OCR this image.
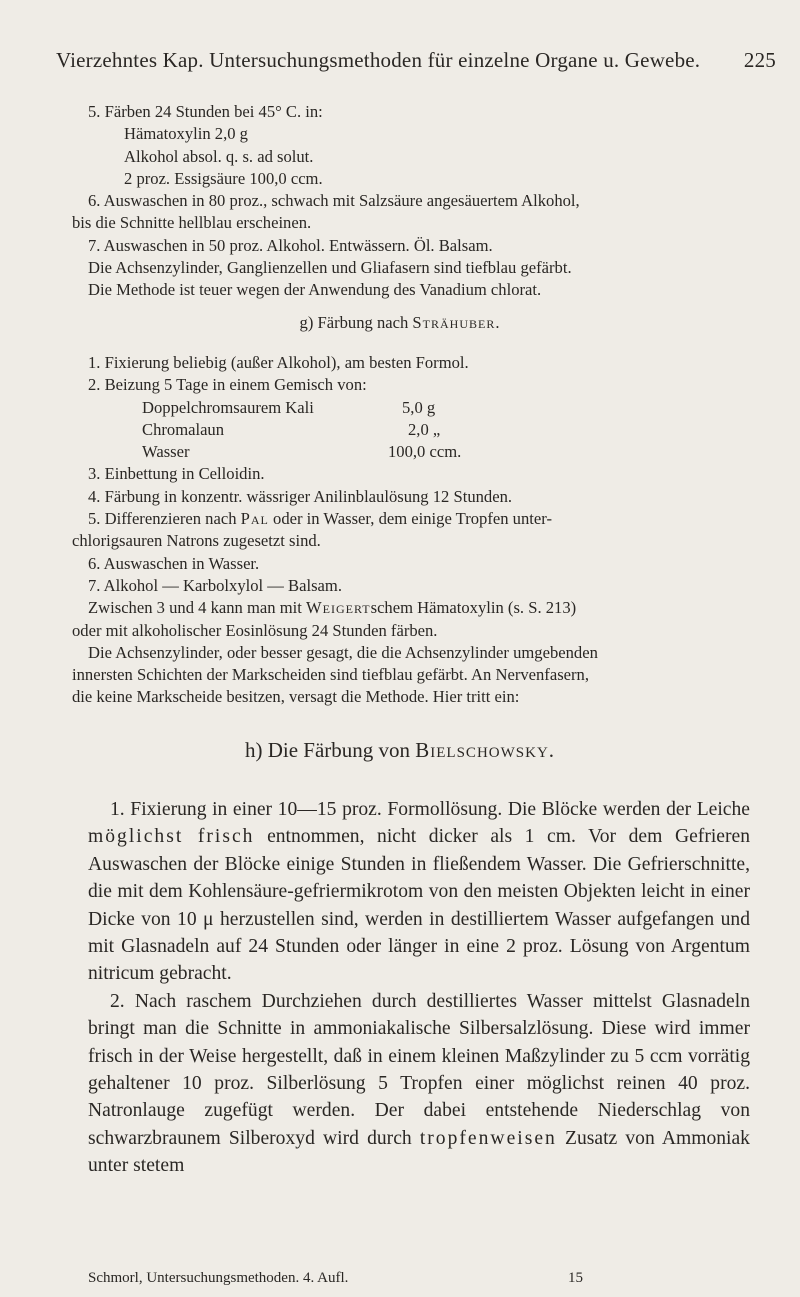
Vierzehntes Kap. Untersuchungsmethoden für einzelne Organe u. Gewebe. 225
5. Färben 24 Stunden bei 45° C. in:
Hämatoxylin 2,0 g
Alkohol absol. q. s. ad solut.
2 proz. Essigsäure 100,0 ccm.
6. Auswaschen in 80 proz., schwach mit Salzsäure angesäuertem Alkohol,
bis die Schnitte hellblau erscheinen.
7. Auswaschen in 50 proz. Alkohol. Entwässern. Öl. Balsam.
Die Achsenzylinder, Ganglienzellen und Gliafasern sind tiefblau gefärbt.
Die Methode ist teuer wegen der Anwendung des Vanadium chlorat.
g) Färbung nach Strähuber.
1. Fixierung beliebig (außer Alkohol), am besten Formol.
2. Beizung 5 Tage in einem Gemisch von:
Doppelchromsaurem Kali	5,0 g
Chromalaun	2,0 „
Wasser	100,0 ccm.
3. Einbettung in Celloidin.
4. Färbung in konzentr. wässriger Anilinblaulösung 12 Stunden.
5. Differenzieren nach Pal oder in Wasser, dem einige Tropfen unter-
chlorigsauren Natrons zugesetzt sind.
6. Auswaschen in Wasser.
7. Alkohol — Karbolxylol — Balsam.
Zwischen 3 und 4 kann man mit Weigertschem Hämatoxylin (s. S. 213)
oder mit alkoholischer Eosinlösung 24 Stunden färben.
Die Achsenzylinder, oder besser gesagt, die die Achsenzylinder umgebenden
innersten Schichten der Markscheiden sind tiefblau gefärbt. An Nervenfasern,
die keine Markscheide besitzen, versagt die Methode. Hier tritt ein:
h) Die Färbung von Bielschowsky.

1. Fixierung in einer 10—15 proz. Formollösung. Die Blöcke werden der Leiche möglichst frisch entnommen, nicht dicker als 1 cm. Vor dem Gefrieren Auswaschen der Blöcke einige Stunden in fließendem Wasser. Die Gefrierschnitte, die mit dem Kohlensäure-gefriermikrotom von den meisten Objekten leicht in einer Dicke von 10 μ herzustellen sind, werden in destilliertem Wasser aufgefangen und mit Glasnadeln auf 24 Stunden oder länger in eine 2 proz. Lösung von Argentum nitricum gebracht.

2. Nach raschem Durchziehen durch destilliertes Wasser mittelst Glasnadeln bringt man die Schnitte in ammoniakalische Silbersalzlösung. Diese wird immer frisch in der Weise hergestellt, daß in einem kleinen Maßzylinder zu 5 ccm vorrätig gehaltener 10 proz. Silberlösung 5 Tropfen einer möglichst reinen 40 proz. Natronlauge zugefügt werden. Der dabei entstehende Niederschlag von schwarzbraunem Silberoxyd wird durch tropfenweisen Zusatz von Ammoniak unter stetem

Schmorl, Untersuchungsmethoden. 4. Aufl.	15
